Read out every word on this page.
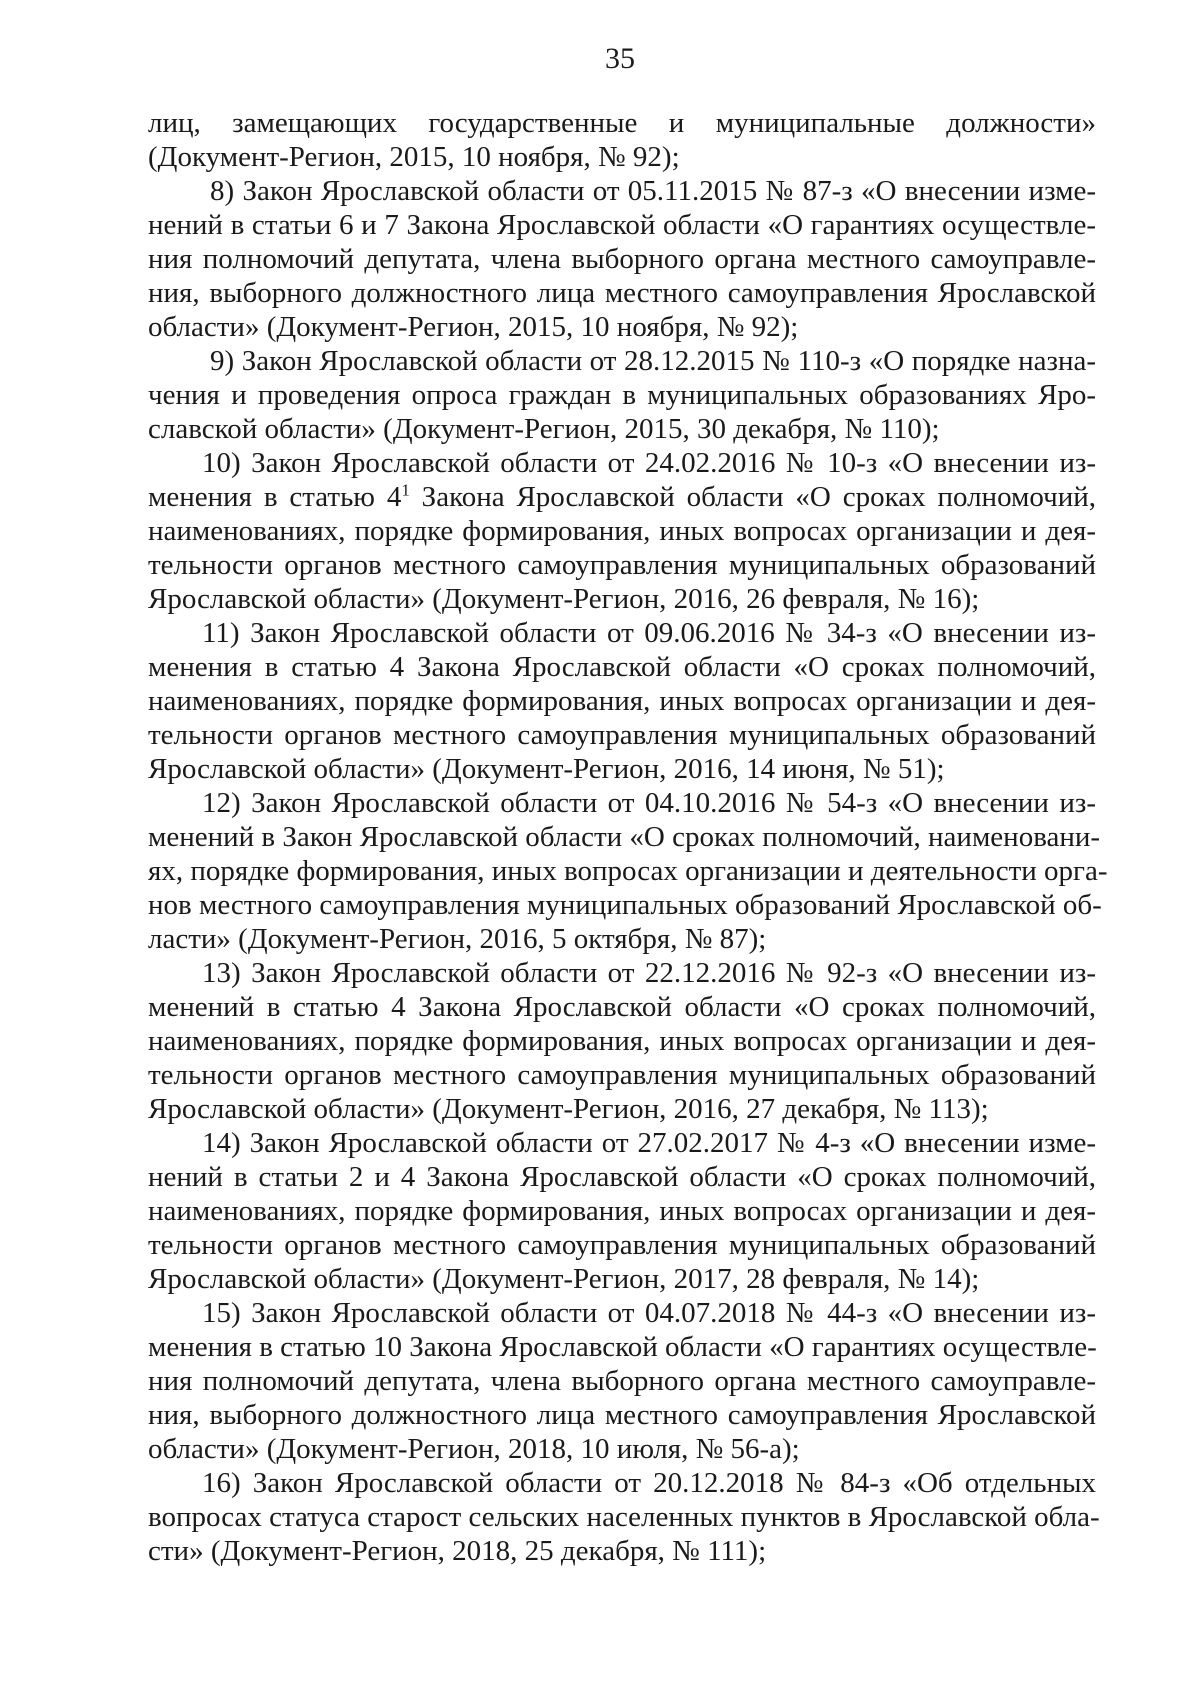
35
лиц, замещающих государственные и муниципальные должности»
(Документ-Регион, 2015, 10 ноября, № 92);
8) Закон Ярославской области от 05.11.2015 № 87-з «О внесении изме-
нений в статьи 6 и 7 Закона Ярославской области «О гарантиях осуществле-
ния полномочий депутата, члена выборного органа местного самоуправле-
ния, выборного должностного лица местного самоуправления Ярославской
области» (Документ-Регион, 2015, 10 ноября, № 92);
9) Закон Ярославской области от 28.12.2015 № 110-з «О порядке назна-
чения и проведения опроса граждан в муниципальных образованиях Яро-
славской области» (Документ-Регион, 2015, 30 декабря, № 110);
10) Закон Ярославской области от 24.02.2016 № 10-з «О внесении из-
менения в статью $4^1$ Закона Ярославской области «О сроках полномочий,
наименованиях, порядке формирования, иных вопросах организации и дея-
тельности органов местного самоуправления муниципальных образований
Ярославской области» (Документ-Регион, 2016, 26 февраля, № 16);
11) Закон Ярославской области от 09.06.2016 № 34-з «О внесении из-
менения в статью 4 Закона Ярославской области «О сроках полномочий,
наименованиях, порядке формирования, иных вопросах организации и дея-
тельности органов местного самоуправления муниципальных образований
Ярославской области» (Документ-Регион, 2016, 14 июня, № 51);
12) Закон Ярославской области от 04.10.2016 № 54-з «О внесении из-
менений в Закон Ярославской области «О сроках полномочий, наименовани-
ях, порядке формирования, иных вопросах организации и деятельности орга-
нов местного самоуправления муниципальных образований Ярославской об-
ласти» (Документ-Регион, 2016, 5 октября, № 87);
13) Закон Ярославской области от 22.12.2016 № 92-з «О внесении из-
менений в статью 4 Закона Ярославской области «О сроках полномочий,
наименованиях, порядке формирования, иных вопросах организации и дея-
тельности органов местного самоуправления муниципальных образований
Ярославской области» (Документ-Регион, 2016, 27 декабря, № 113);
14) Закон Ярославской области от 27.02.2017 № 4-з «О внесении изме-
нений в статьи 2 и 4 Закона Ярославской области «О сроках полномочий,
наименованиях, порядке формирования, иных вопросах организации и дея-
тельности органов местного самоуправления муниципальных образований
Ярославской области» (Документ-Регион, 2017, 28 февраля, № 14);
15) Закон Ярославской области от 04.07.2018 № 44-з «О внесении из-
менения в статью 10 Закона Ярославской области «О гарантиях осуществле-
ния полномочий депутата, члена выборного органа местного самоуправле-
ния, выборного должностного лица местного самоуправления Ярославской
области» (Документ-Регион, 2018, 10 июля, № 56-а);
16) Закон Ярославской области от 20.12.2018 № 84-з «Об отдельных
вопросах статуса старост сельских населенных пунктов в Ярославской обла-
сти» (Документ-Регион, 2018, 25 декабря, № 111);
